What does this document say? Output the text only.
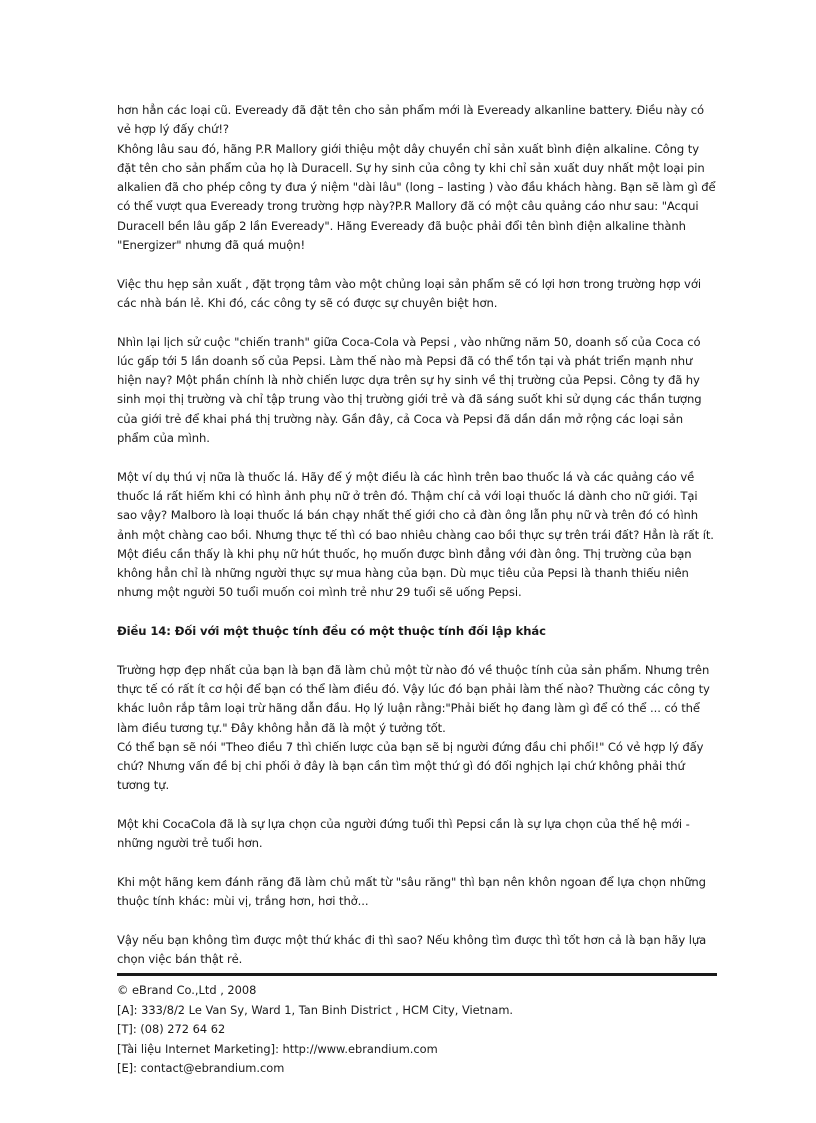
hơn hẳn các loại cũ. Eveready đã đặt tên cho sản phẩm mới là Eveready alkanline battery. Điều này có vẻ hợp lý đấy chứ!?

Không lâu sau đó, hãng P.R Mallory giới thiệu một dây chuyền chỉ sản xuất bình điện alkaline. Công ty đặt tên cho sản phẩm của họ là Duracell. Sự hy sinh của công ty khi chỉ sản xuất duy nhất một loại pin alkalien đã cho phép công ty đưa ý niệm "dài lâu" (long – lasting ) vào đầu khách hàng. Bạn sẽ làm gì để có thể vượt qua Eveready trong trường hợp này?P.R Mallory đã có một câu quảng cáo như sau: "Acqui Duracell bền lâu gấp 2 lần Eveready". Hãng Eveready đã buộc phải đổi tên bình điện alkaline thành "Energizer" nhưng đã quá muộn!

Việc thu hẹp sản xuất , đặt trọng tâm vào một chủng loại sản phẩm sẽ có lợi hơn trong trường hợp với các nhà bán lẻ. Khi đó, các công ty sẽ có được sự chuyên biệt hơn.

Nhìn lại lịch sử cuộc "chiến tranh" giữa Coca-Cola và Pepsi , vào những năm 50, doanh số của Coca có lúc gấp tới 5 lần doanh số của Pepsi. Làm thế nào mà Pepsi đã có thể tồn tại và phát triển mạnh như hiện nay? Một phần chính là nhờ chiến lược dựa trên sự hy sinh về thị trường của Pepsi. Công ty đã hy sinh mọi thị trường và chỉ tập trung vào thị trường giới trẻ và đã sáng suốt khi sử dụng các thần tượng của giới trẻ để khai phá thị trường này. Gần đây, cả Coca và Pepsi đã dần dần mở rộng các loại sản phẩm của mình.

Một ví dụ thú vị nữa là thuốc lá. Hãy để ý một điều là các hình trên bao thuốc lá và các quảng cáo về thuốc lá rất hiếm khi có hình ảnh phụ nữ ở trên đó. Thậm chí cả với loại thuốc lá dành cho nữ giới. Tại sao vậy? Malboro là loại thuốc lá bán chạy nhất thế giới cho cả đàn ông lẫn phụ nữ và trên đó có hình ảnh một chàng cao bồi. Nhưng thực tế thì có bao nhiêu chàng cao bồi thực sự trên trái đất? Hẳn là rất ít. Một điều cần thấy là khi phụ nữ hút thuốc, họ muốn được bình đẳng với đàn ông. Thị trường của bạn không hẳn chỉ là những người thực sự mua hàng của bạn. Dù mục tiêu của Pepsi là thanh thiếu niên nhưng một người 50 tuổi muốn coi mình trẻ như 29 tuổi sẽ uống Pepsi.

Điều 14: Đối với một thuộc tính đều có một thuộc tính đối lập khác

Trường hợp đẹp nhất của bạn là bạn đã làm chủ một từ nào đó về thuộc tính của sản phẩm. Nhưng trên thực tế có rất ít cơ hội để bạn có thể làm điều đó. Vậy lúc đó bạn phải làm thế nào? Thường các công ty khác luôn rắp tâm loại trừ hãng dẫn đầu. Họ lý luận rằng:"Phải biết họ đang làm gì để có thể ... có thể làm điều tương tự." Đây không hẳn đã là một ý tưởng tốt.

Có thể bạn sẽ nói "Theo điều 7 thì chiến lược của bạn sẽ bị người đứng đầu chi phối!" Có vẻ hợp lý đấy chứ? Nhưng vấn đề bị chi phối ở đây là bạn cần tìm một thứ gì đó đối nghịch lại chứ không phải thứ tương tự.

Một khi CocaCola đã là sự lựa chọn của người đứng tuổi thì Pepsi cần là sự lựa chọn của thế hệ mới - những người trẻ tuổi hơn.

Khi một hãng kem đánh răng đã làm chủ mất từ "sâu răng" thì bạn nên khôn ngoan để lựa chọn những thuộc tính khác: mùi vị, trắng hơn, hơi thở...

Vậy nếu bạn không tìm được một thứ khác đi thì sao? Nếu không tìm được thì tốt hơn cả là bạn hãy lựa chọn việc bán thật rẻ.

© eBrand Co.,Ltd , 2008
[A]: 333/8/2 Le Van Sy, Ward 1, Tan Binh District , HCM City, Vietnam.
[T]: (08) 272 64 62
[Tài liệu Internet Marketing]: http://www.ebrandium.com
[E]: contact@ebrandium.com
